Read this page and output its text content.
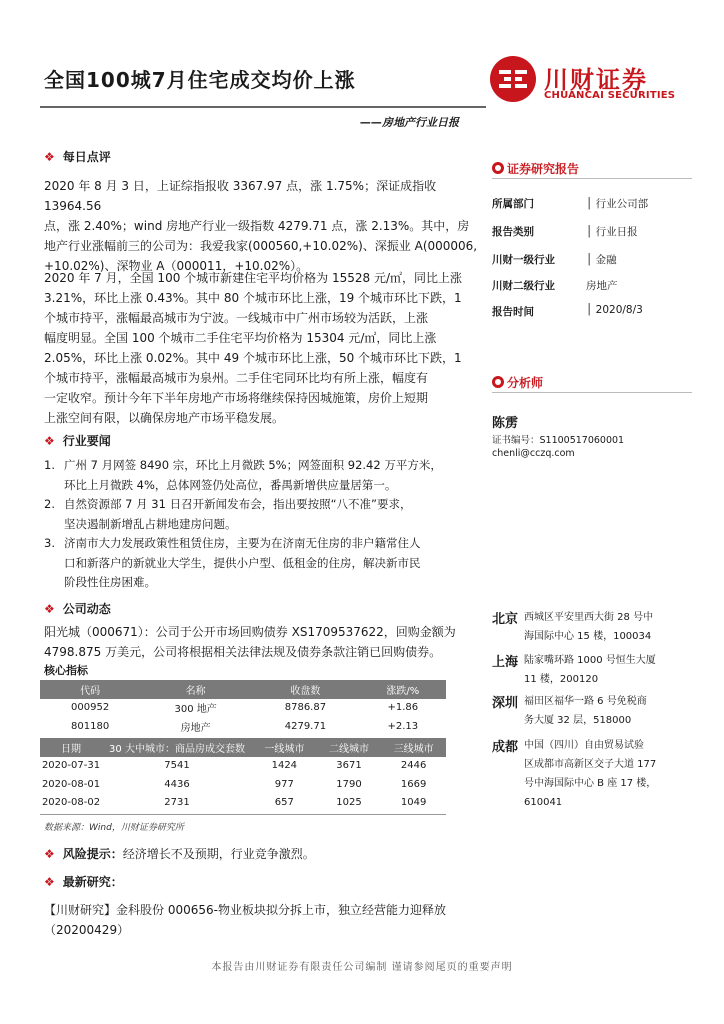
全国100城7月住宅成交均价上涨	川财证券
CHUANCAI SECURITIES
——房地产行业日报
❖ 每日点评
2020 年 8 月 3 日，上证综指报收 3367.97 点，涨 1.75%；深证成指收 13964.56
点，涨 2.40%；wind 房地产行业一级指数 4279.71 点，涨 2.13%。其中，房
地产行业涨幅前三的公司为：我爱我家(000560,+10.02%)、深振业 A(000006,
+10.02%)、深物业 A（000011，+10.02%）。
2020 年 7 月，全国 100 个城市新建住宅平均价格为 15528 元/㎡，同比上涨
3.21%，环比上涨 0.43%。其中 80 个城市环比上涨，19 个城市环比下跌，1
个城市持平，涨幅最高城市为宁波。一线城市中广州市场较为活跃，上涨
幅度明显。全国 100 个城市二手住宅平均价格为 15304 元/㎡，同比上涨
2.05%，环比上涨 0.02%。其中 49 个城市环比上涨，50 个城市环比下跌，1
个城市持平，涨幅最高城市为泉州。二手住宅同环比均有所上涨，幅度有
一定收窄。预计今年下半年房地产市场将继续保持因城施策，房价上短期
上涨空间有限，以确保房地产市场平稳发展。
❖ 行业要闻
1. 广州 7 月网签 8490 宗，环比上月微跌 5%；网签面积 92.42 万平方米，
环比上月微跌 4%，总体网签仍处高位，番禺新增供应量居第一。
2. 自然资源部 7 月 31 日召开新闻发布会，指出要按照“八不准”要求，
坚决遏制新增乱占耕地建房问题。
3. 济南市大力发展政策性租赁住房，主要为在济南无住房的非户籍常住人
口和新落户的新就业大学生，提供小户型、低租金的住房，解决新市民
阶段性住房困难。
❖ 公司动态
阳光城（000671）：公司于公开市场回购债券 XS1709537622，回购金额为
4798.875 万美元，公司将根据相关法律法规及债券条款注销已回购债券。
核心指标
代码	名称	收盘数	涨跌/%
000952	300 地产	8786.87	+1.86
801180	房地产	4279.71	+2.13
日期	30 大中城市：商品房成交套数	一线城市	二线城市	三线城市
2020-07-31	7541	1424	3671	2446
2020-08-01	4436	977	1790	1669
2020-08-02	2731	657	1025	1049
数据来源：Wind，川财证券研究所
❖ 风险提示：经济增长不及预期，行业竞争激烈。
❖ 最新研究：
【川财研究】金科股份 000656-物业板块拟分拆上市，独立经营能力迎释放
（20200429）
证券研究报告
所属部门	│ 行业公司部
报告类别	│ 行业日报
川财一级行业	│ 金融
川财二级行业	房地产
报告时间	│ 2020/8/3
分析师
陈雳
证书编号：S1100517060001
chenli@cczq.com
北京 西城区平安里西大街 28 号中
海国际中心 15 楼，100034
上海 陆家嘴环路 1000 号恒生大厦
11 楼，200120
深圳 福田区福华一路 6 号免税商
务大厦 32 层，518000
成都 中国（四川）自由贸易试验
区成都市高新区交子大道 177
号中海国际中心 B 座 17 楼，
610041
本报告由川财证券有限责任公司编制 谨请参阅尾页的重要声明
